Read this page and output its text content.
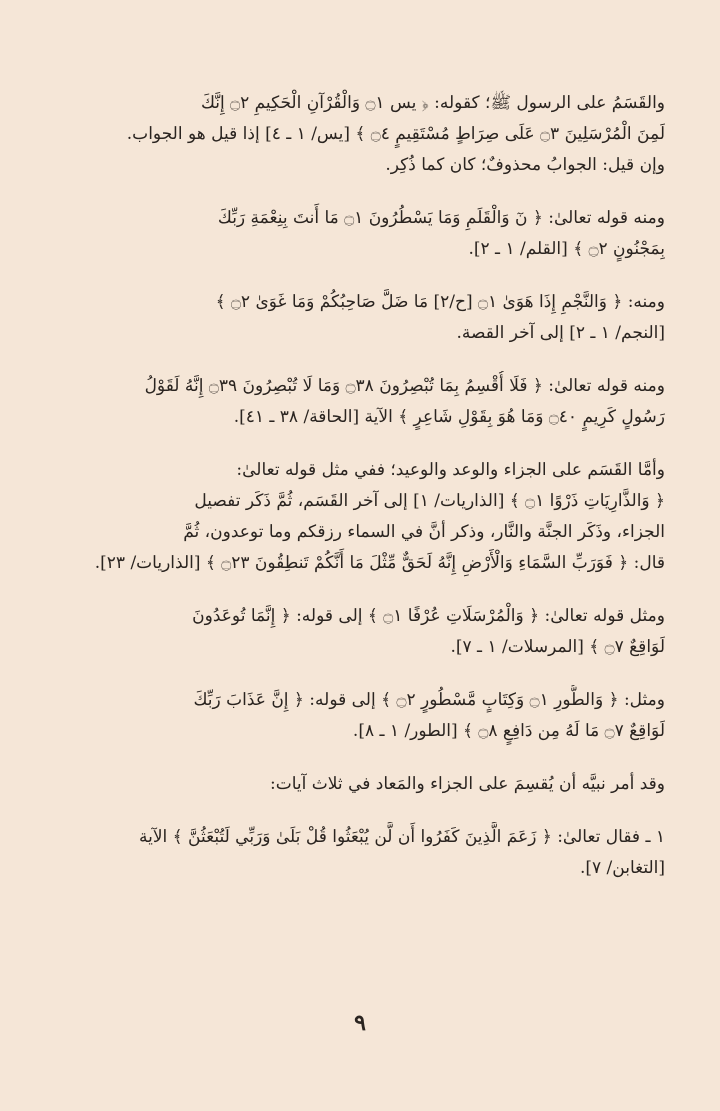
والقَسَمُ على الرسول ﷺ؛ كقوله: ﴿ يس ۝١ وَالْقُرْآنِ الْحَكِيمِ ۝٢ إِنَّكَ
لَمِنَ الْمُرْسَلِينَ ۝٣ عَلَى صِرَاطٍ مُسْتَقِيمٍ ۝٤ ﴾ [يس/ ١ ـ ٤] إذا قيل هو الجواب.
وإن قيل: الجوابُ محذوفٌ؛ كان كما ذُكِر.
ومنه قوله تعالىٰ: ﴿ نٓ وَالْقَلَمِ وَمَا يَسْطُرُونَ ۝١ مَا أَنتَ بِنِعْمَةِ رَبِّكَ
بِمَجْنُونٍ ۝٢ ﴾ [القلم/ ١ ـ ٢].
ومنه: ﴿ وَالنَّجْمِ إِذَا هَوَىٰ ۝١ [ح/٢] مَا ضَلَّ صَاحِبُكُمْ وَمَا غَوَىٰ ۝٢ ﴾
[النجم/ ١ ـ ٢] إلى آخر القصة.
ومنه قوله تعالىٰ: ﴿ فَلَا أُقْسِمُ بِمَا تُبْصِرُونَ ۝٣٨ وَمَا لَا تُبْصِرُونَ ۝٣٩ إِنَّهُ لَقَوْلُ
رَسُولٍ كَرِيمٍ ۝٤٠ وَمَا هُوَ بِقَوْلِ شَاعِرٍ ﴾ الآية [الحاقة/ ٣٨ ـ ٤١].
وأمَّا القَسَم على الجزاء والوعد والوعيد؛ ففي مثل قوله تعالىٰ:
﴿ وَالذَّارِيَاتِ ذَرْوًا ۝١ ﴾ [الذاريات/ ١] إلى آخر القَسَم، ثُمَّ ذَكَر تفصيل
الجزاء، وذَكَر الجنَّة والنَّار، وذكر أنَّ في السماء رزقكم وما توعدون، ثُمَّ
قال: ﴿ فَوَرَبِّ السَّمَاءِ وَالْأَرْضِ إِنَّهُ لَحَقٌّ مِّثْلَ مَا أَنَّكُمْ تَنطِقُونَ ۝٢٣ ﴾ [الذاريات/ ٢٣].
ومثل قوله تعالىٰ: ﴿ وَالْمُرْسَلَاتِ عُرْفًا ۝١ ﴾ إلى قوله: ﴿ إِنَّمَا تُوعَدُونَ
لَوَاقِعٌ ۝٧ ﴾ [المرسلات/ ١ ـ ٧].
ومثل: ﴿ وَالطُّورِ ۝١ وَكِتَابٍ مَّسْطُورٍ ۝٢ ﴾ إلى قوله: ﴿ إِنَّ عَذَابَ رَبِّكَ
لَوَاقِعٌ ۝٧ مَا لَهُ مِن دَافِعٍ ۝٨ ﴾ [الطور/ ١ ـ ٨].
وقد أمر نبيَّه أن يُقسِمَ على الجزاء والمَعاد في ثلاث آيات:
١ ـ فقال تعالىٰ: ﴿ زَعَمَ الَّذِينَ كَفَرُوا أَن لَّن يُبْعَثُوا قُلْ بَلَىٰ وَرَبِّي لَتُبْعَثُنَّ ﴾ الآية
[التغابن/ ٧].
٩
